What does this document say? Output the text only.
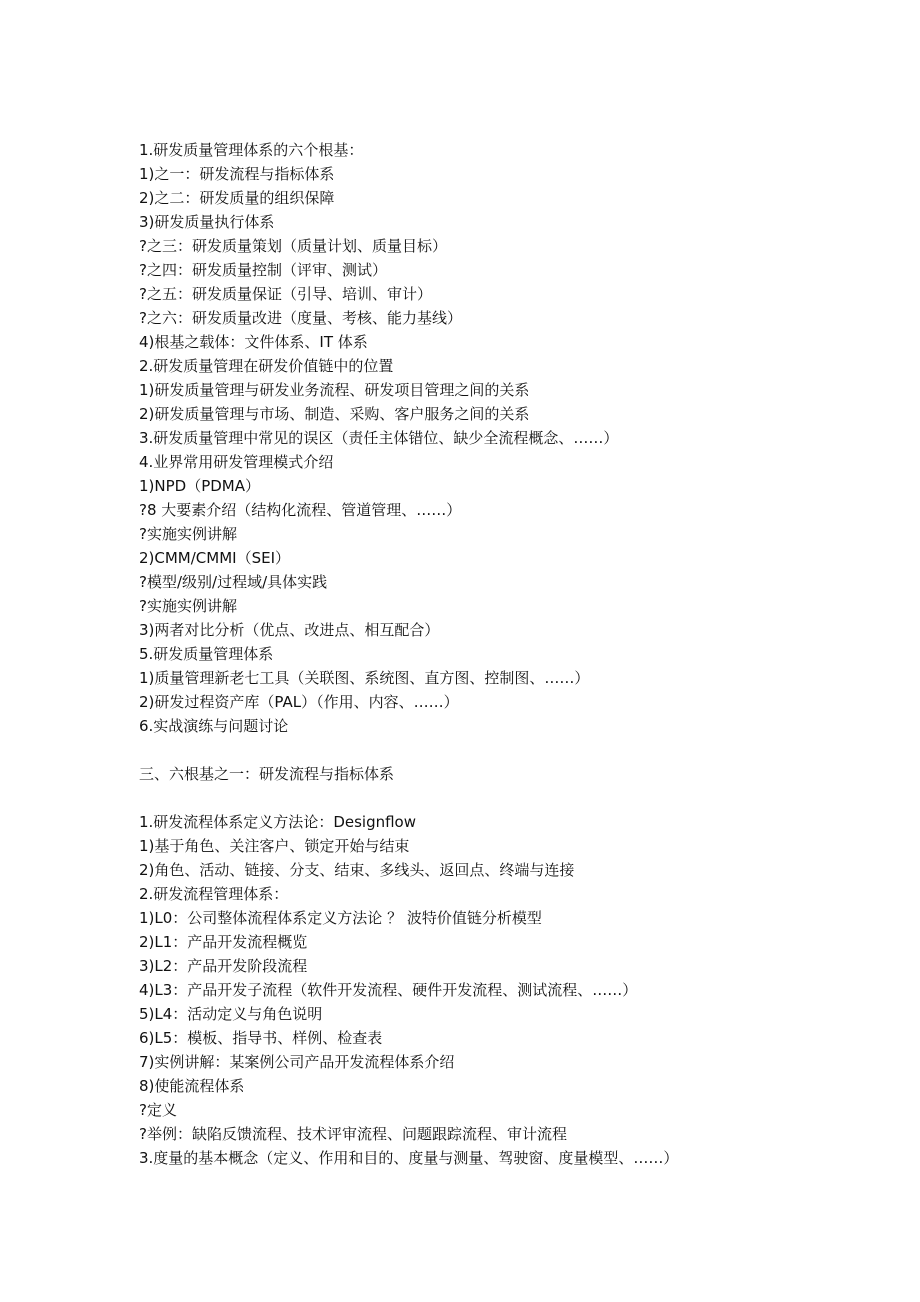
1.研发质量管理体系的六个根基：
1)之一：研发流程与指标体系
2)之二：研发质量的组织保障
3)研发质量执行体系
?之三：研发质量策划（质量计划、质量目标）
?之四：研发质量控制（评审、测试）
?之五：研发质量保证（引导、培训、审计）
?之六：研发质量改进（度量、考核、能力基线）
4)根基之载体：文件体系、IT 体系
2.研发质量管理在研发价值链中的位置
1)研发质量管理与研发业务流程、研发项目管理之间的关系
2)研发质量管理与市场、制造、采购、客户服务之间的关系
3.研发质量管理中常见的误区（责任主体错位、缺少全流程概念、……）
4.业界常用研发管理模式介绍
1)NPD（PDMA）
?8 大要素介绍（结构化流程、管道管理、……）
?实施实例讲解
2)CMM/CMMI（SEI）
?模型/级别/过程域/具体实践
?实施实例讲解
3)两者对比分析（优点、改进点、相互配合）
5.研发质量管理体系
1)质量管理新老七工具（关联图、系统图、直方图、控制图、……）
2)研发过程资产库（PAL）（作用、内容、……）
6.实战演练与问题讨论
三、六根基之一：研发流程与指标体系
1.研发流程体系定义方法论：Designflow
1)基于角色、关注客户、锁定开始与结束
2)角色、活动、链接、分支、结束、多线头、返回点、终端与连接
2.研发流程管理体系：
1)L0：公司整体流程体系定义方法论 ？ 波特价值链分析模型
2)L1：产品开发流程概览
3)L2：产品开发阶段流程
4)L3：产品开发子流程（软件开发流程、硬件开发流程、测试流程、……）
5)L4：活动定义与角色说明
6)L5：模板、指导书、样例、检查表
7)实例讲解：某案例公司产品开发流程体系介绍
8)使能流程体系
?定义
?举例：缺陷反馈流程、技术评审流程、问题跟踪流程、审计流程
3.度量的基本概念（定义、作用和目的、度量与测量、驾驶窗、度量模型、……）
